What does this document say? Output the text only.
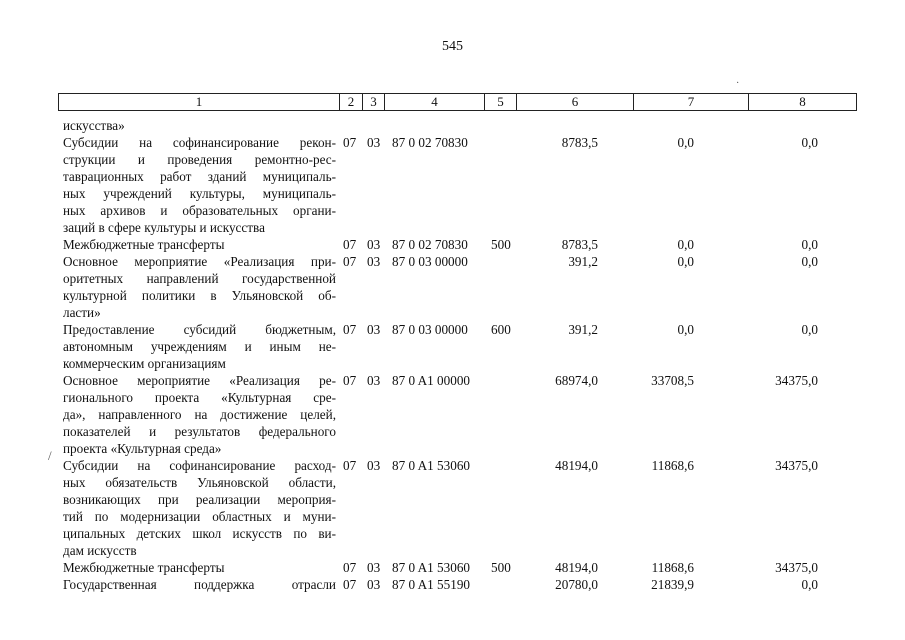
545
1	2	3	4	5	6	7	8
искусства»
Субсидии на софинансирование рекон-
струкции и проведения ремонтно-рес-
таврационных работ зданий муниципаль-
ных учреждений культуры, муниципаль-
ных архивов и образовательных органи-
заций в сфере культуры и искусства
07 03 87 0 02 70830	8783,5	0,0	0,0
Межбюджетные трансферты	07 03 87 0 02 70830 500	8783,5	0,0	0,0
Основное мероприятие «Реализация при-
оритетных направлений государственной
культурной политики в Ульяновской об-
ласти»
07 03 87 0 03 00000	391,2	0,0	0,0
Предоставление субсидий бюджетным,
автономным учреждениям и иным не-
коммерческим организациям
07 03 87 0 03 00000 600	391,2	0,0	0,0
Основное мероприятие «Реализация ре-
гионального проекта «Культурная сре-
да», направленного на достижение целей,
показателей и результатов федерального
проекта «Культурная среда»
07 03 87 0 A1 00000	68974,0	33708,5	34375,0
Субсидии на софинансирование расход-
ных обязательств Ульяновской области,
возникающих при реализации мероприя-
тий по модернизации областных и муни-
ципальных детских школ искусств по ви-
дам искусств
07 03 87 0 A1 53060	48194,0	11868,6	34375,0
Межбюджетные трансферты	07 03 87 0 A1 53060 500	48194,0	11868,6	34375,0
Государственная поддержка отрасли 07 03 87 0 A1 55190	20780,0	21839,9	0,0
·
/
